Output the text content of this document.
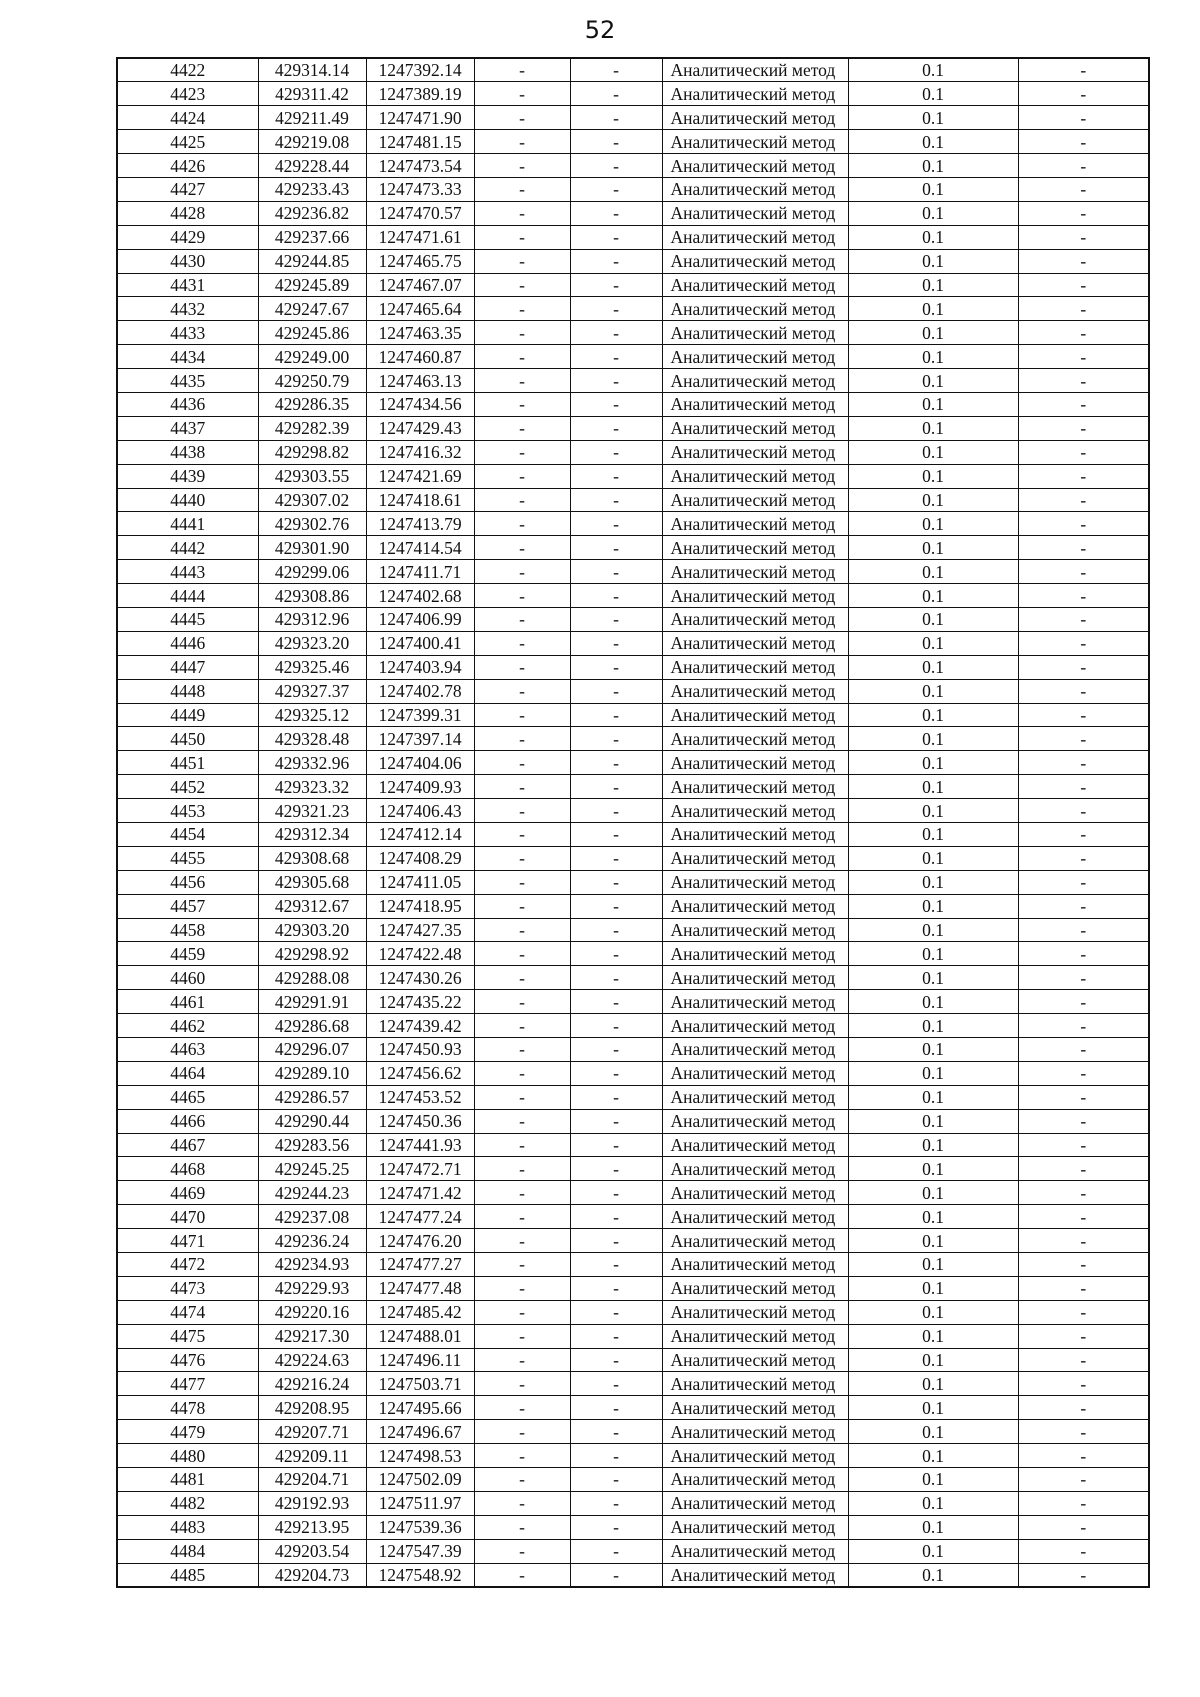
52
4422	429314.14	1247392.14	-	-	Аналитический метод	0.1	-
4423	429311.42	1247389.19	-	-	Аналитический метод	0.1	-
4424	429211.49	1247471.90	-	-	Аналитический метод	0.1	-
4425	429219.08	1247481.15	-	-	Аналитический метод	0.1	-
4426	429228.44	1247473.54	-	-	Аналитический метод	0.1	-
4427	429233.43	1247473.33	-	-	Аналитический метод	0.1	-
4428	429236.82	1247470.57	-	-	Аналитический метод	0.1	-
4429	429237.66	1247471.61	-	-	Аналитический метод	0.1	-
4430	429244.85	1247465.75	-	-	Аналитический метод	0.1	-
4431	429245.89	1247467.07	-	-	Аналитический метод	0.1	-
4432	429247.67	1247465.64	-	-	Аналитический метод	0.1	-
4433	429245.86	1247463.35	-	-	Аналитический метод	0.1	-
4434	429249.00	1247460.87	-	-	Аналитический метод	0.1	-
4435	429250.79	1247463.13	-	-	Аналитический метод	0.1	-
4436	429286.35	1247434.56	-	-	Аналитический метод	0.1	-
4437	429282.39	1247429.43	-	-	Аналитический метод	0.1	-
4438	429298.82	1247416.32	-	-	Аналитический метод	0.1	-
4439	429303.55	1247421.69	-	-	Аналитический метод	0.1	-
4440	429307.02	1247418.61	-	-	Аналитический метод	0.1	-
4441	429302.76	1247413.79	-	-	Аналитический метод	0.1	-
4442	429301.90	1247414.54	-	-	Аналитический метод	0.1	-
4443	429299.06	1247411.71	-	-	Аналитический метод	0.1	-
4444	429308.86	1247402.68	-	-	Аналитический метод	0.1	-
4445	429312.96	1247406.99	-	-	Аналитический метод	0.1	-
4446	429323.20	1247400.41	-	-	Аналитический метод	0.1	-
4447	429325.46	1247403.94	-	-	Аналитический метод	0.1	-
4448	429327.37	1247402.78	-	-	Аналитический метод	0.1	-
4449	429325.12	1247399.31	-	-	Аналитический метод	0.1	-
4450	429328.48	1247397.14	-	-	Аналитический метод	0.1	-
4451	429332.96	1247404.06	-	-	Аналитический метод	0.1	-
4452	429323.32	1247409.93	-	-	Аналитический метод	0.1	-
4453	429321.23	1247406.43	-	-	Аналитический метод	0.1	-
4454	429312.34	1247412.14	-	-	Аналитический метод	0.1	-
4455	429308.68	1247408.29	-	-	Аналитический метод	0.1	-
4456	429305.68	1247411.05	-	-	Аналитический метод	0.1	-
4457	429312.67	1247418.95	-	-	Аналитический метод	0.1	-
4458	429303.20	1247427.35	-	-	Аналитический метод	0.1	-
4459	429298.92	1247422.48	-	-	Аналитический метод	0.1	-
4460	429288.08	1247430.26	-	-	Аналитический метод	0.1	-
4461	429291.91	1247435.22	-	-	Аналитический метод	0.1	-
4462	429286.68	1247439.42	-	-	Аналитический метод	0.1	-
4463	429296.07	1247450.93	-	-	Аналитический метод	0.1	-
4464	429289.10	1247456.62	-	-	Аналитический метод	0.1	-
4465	429286.57	1247453.52	-	-	Аналитический метод	0.1	-
4466	429290.44	1247450.36	-	-	Аналитический метод	0.1	-
4467	429283.56	1247441.93	-	-	Аналитический метод	0.1	-
4468	429245.25	1247472.71	-	-	Аналитический метод	0.1	-
4469	429244.23	1247471.42	-	-	Аналитический метод	0.1	-
4470	429237.08	1247477.24	-	-	Аналитический метод	0.1	-
4471	429236.24	1247476.20	-	-	Аналитический метод	0.1	-
4472	429234.93	1247477.27	-	-	Аналитический метод	0.1	-
4473	429229.93	1247477.48	-	-	Аналитический метод	0.1	-
4474	429220.16	1247485.42	-	-	Аналитический метод	0.1	-
4475	429217.30	1247488.01	-	-	Аналитический метод	0.1	-
4476	429224.63	1247496.11	-	-	Аналитический метод	0.1	-
4477	429216.24	1247503.71	-	-	Аналитический метод	0.1	-
4478	429208.95	1247495.66	-	-	Аналитический метод	0.1	-
4479	429207.71	1247496.67	-	-	Аналитический метод	0.1	-
4480	429209.11	1247498.53	-	-	Аналитический метод	0.1	-
4481	429204.71	1247502.09	-	-	Аналитический метод	0.1	-
4482	429192.93	1247511.97	-	-	Аналитический метод	0.1	-
4483	429213.95	1247539.36	-	-	Аналитический метод	0.1	-
4484	429203.54	1247547.39	-	-	Аналитический метод	0.1	-
4485	429204.73	1247548.92	-	-	Аналитический метод	0.1	-
